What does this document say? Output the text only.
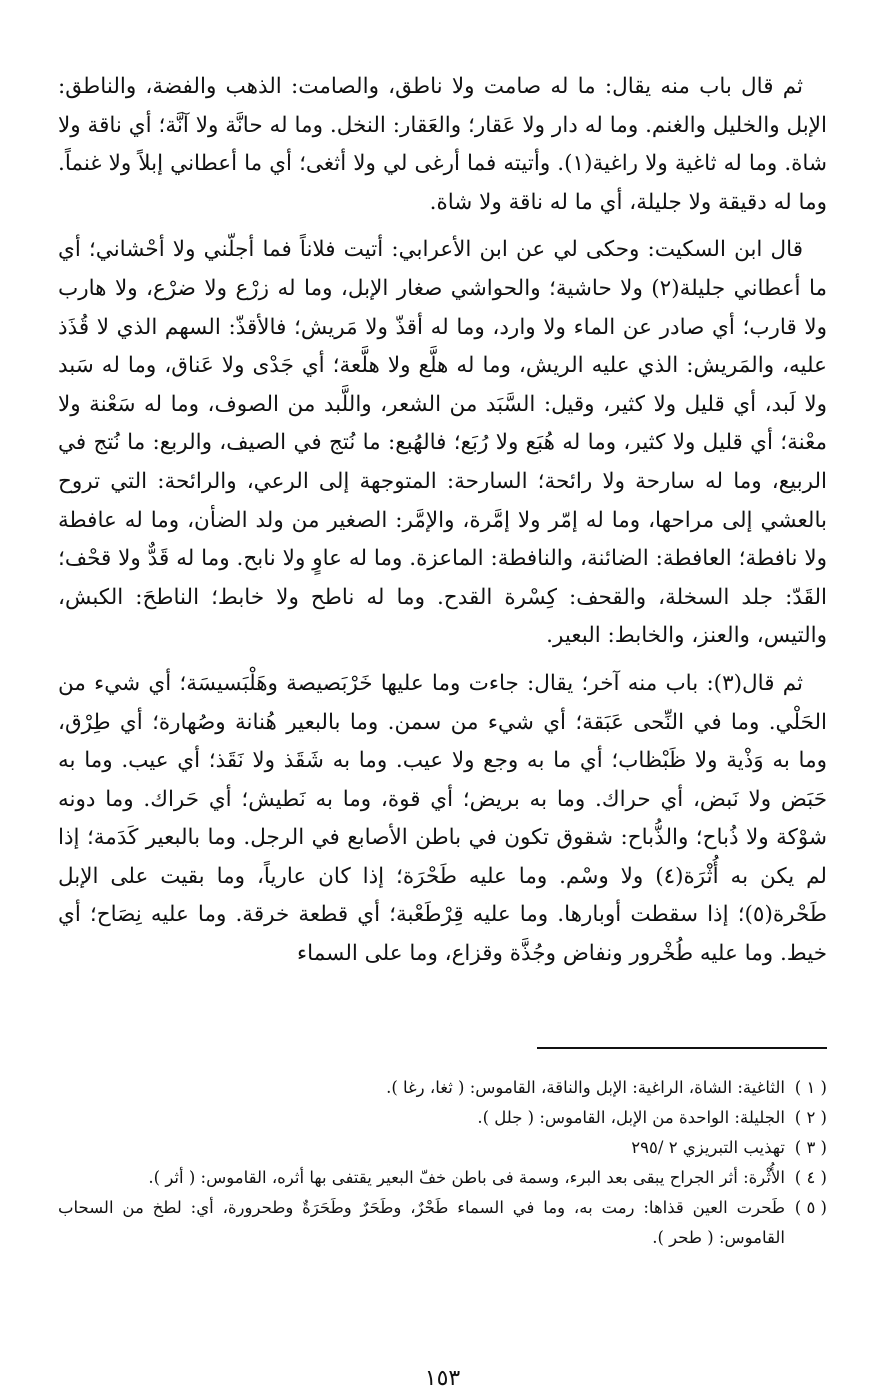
ثم قال باب منه يقال: ما له صامت ولا ناطق، والصامت: الذهب والفضة، والناطق: الإبل والخليل والغنم. وما له دار ولا عَقار؛ والعَقار: النخل. وما له حانَّة ولا آنَّة؛ أي ناقة ولا شاة. وما له ثاغية ولا راغية(١). وأتيته فما أرغى لي ولا أثغى؛ أي ما أعطاني إبلاً ولا غنماً. وما له دقيقة ولا جليلة، أي ما له ناقة ولا شاة.

قال ابن السكيت: وحكى لي عن ابن الأعرابي: أتيت فلاناً فما أجلّني ولا أحْشاني؛ أي ما أعطاني جليلة(٢) ولا حاشية؛ والحواشي صغار الإبل، وما له زرْع ولا ضرْع، ولا هارب ولا قارب؛ أي صادر عن الماء ولا وارد، وما له أقذّ ولا مَريش؛ فالأقذّ: السهم الذي لا قُذَذ عليه، والمَريش: الذي عليه الريش، وما له هلَّع ولا هلَّعة؛ أي جَدْى ولا عَناق، وما له سَبد ولا لَبد، أي قليل ولا كثير، وقيل: السَّبَد من الشعر، واللَّبد من الصوف، وما له سَعْنة ولا معْنة؛ أي قليل ولا كثير، وما له هُبَع ولا رُبَع؛ فالهُبع: ما نُتج في الصيف، والربع: ما نُتج في الربيع، وما له سارحة ولا رائحة؛ السارحة: المتوجهة إلى الرعي، والرائحة: التي تروح بالعشي إلى مراحها، وما له إمّر ولا إمَّرة، والإمَّر: الصغير من ولد الضأن، وما له عافطة ولا نافطة؛ العافطة: الضائنة، والنافطة: الماعزة. وما له عاوٍ ولا نابح. وما له قَدٌّ ولا قحْف؛ القَدّ: جلد السخلة، والقحف: كِسْرة القدح. وما له ناطح ولا خابط؛ الناطحَ: الكبش، والتيس، والعنز، والخابط: البعير.

ثم قال(٣): باب منه آخر؛ يقال: جاءت وما عليها خَرْبَصيصة وهَلْبَسيسَة؛ أي شيء من الحَلْي. وما في النِّحى عَبَقة؛ أي شيء من سمن. وما بالبعير هُنانة وصُهارة؛ أي طِرْق، وما به وَذْية ولا ظَبْظاب؛ أي ما به وجع ولا عيب. وما به شَقَذ ولا نَقَذ؛ أي عيب. وما به حَبَض ولا نَبض، أي حراك. وما به بريض؛ أي قوة، وما به نَطيش؛ أي حَراك. وما دونه شوْكة ولا ذُباح؛ والذُّباح: شقوق تكون في باطن الأصابع في الرجل. وما بالبعير كَدَمة؛ إذا لم يكن به أُثْرَة(٤) ولا وسْم. وما عليه طَحْرَة؛ إذا كان عارياً، وما بقيت على الإبل طَحْرة(٥)؛ إذا سقطت أوبارها. وما عليه قِرْطَعْبة؛ أي قطعة خرقة. وما عليه نِصَاح؛ أي خيط. وما عليه طُخْرور ونفاض وجُذَّة وقزاع، وما على السماء

( ١ )
الثاغية: الشاة، الراغية: الإبل والناقة، القاموس: ( ثغا، رغا ).
( ٢ )
الجليلة: الواحدة من الإبل، القاموس: ( جلل ).
( ٣ )
تهذيب التبريزي ٢ /٢٩٥
( ٤ )
الأُثْرة: أثر الجراح يبقى بعد البرء، وسمة فى باطن خفّ البعير يقتفى بها أثره، القاموس: ( أثر ).
( ٥ )
طَحرت العين قذاها: رمت به، وما في السماء طَحْرٌ، وطَحَرٌ وطَحَرَةٌ وطحرورة، أي: لطخ من السحاب القاموس: ( طحر ).
١٥٣
